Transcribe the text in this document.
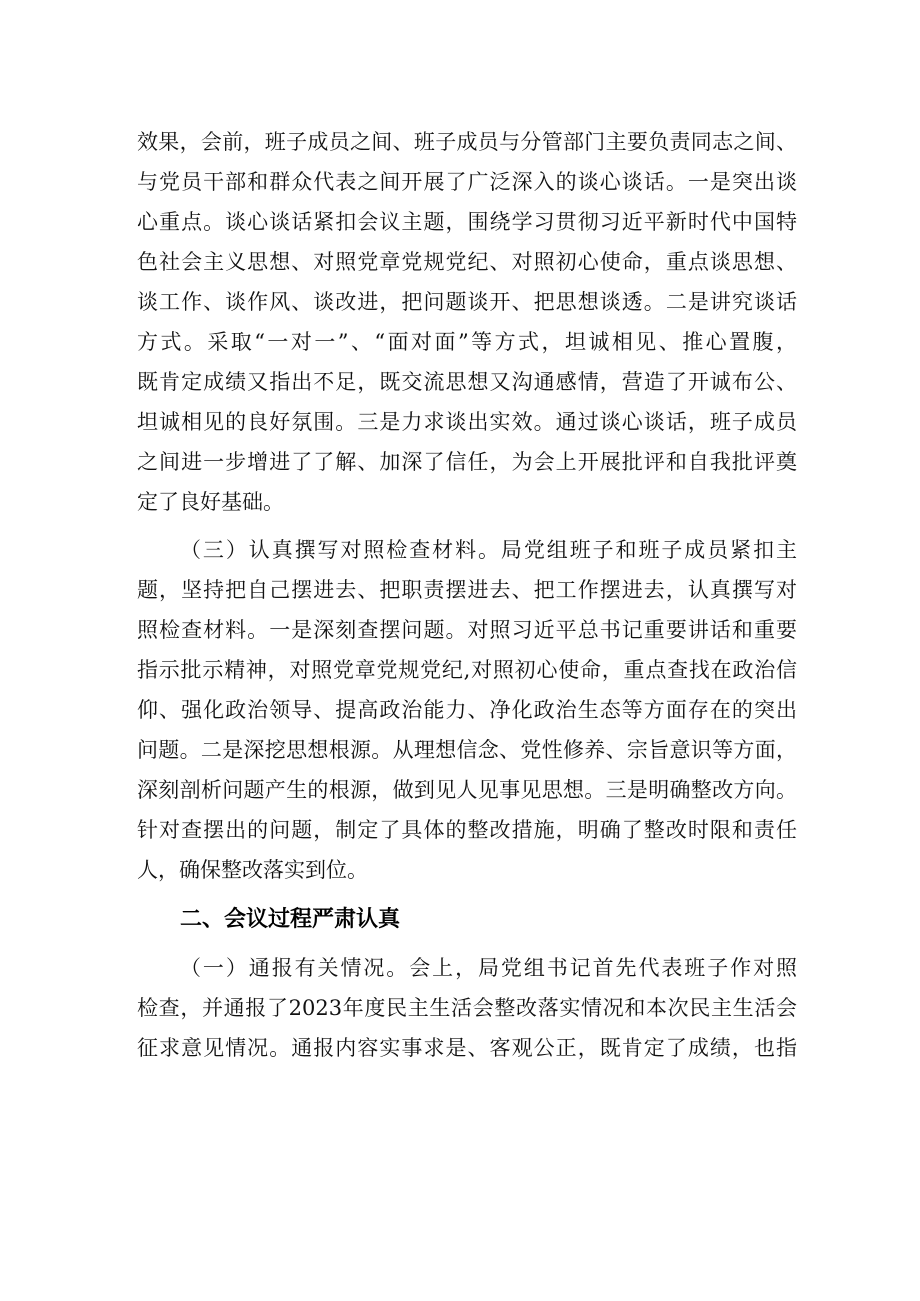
效果，会前，班子成员之间、班子成员与分管部门主要负责同志之间、
与党员干部和群众代表之间开展了广泛深入的谈心谈话。一是突出谈
心重点。谈心谈话紧扣会议主题，围绕学习贯彻习近平新时代中国特
色社会主义思想、对照党章党规党纪、对照初心使命，重点谈思想、
谈工作、谈作风、谈改进，把问题谈开、把思想谈透。二是讲究谈话
方式。采取“一对一”、“面对面”等方式，坦诚相见、推心置腹，
既肯定成绩又指出不足，既交流思想又沟通感情，营造了开诚布公、
坦诚相见的良好氛围。三是力求谈出实效。通过谈心谈话，班子成员
之间进一步增进了了解、加深了信任，为会上开展批评和自我批评奠
定了良好基础。
（三）认真撰写对照检查材料。局党组班子和班子成员紧扣主
题，坚持把自己摆进去、把职责摆进去、把工作摆进去，认真撰写对
照检查材料。一是深刻查摆问题。对照习近平总书记重要讲话和重要
指示批示精神，对照党章党规党纪,对照初心使命，重点查找在政治信
仰、强化政治领导、提高政治能力、净化政治生态等方面存在的突出
问题。二是深挖思想根源。从理想信念、党性修养、宗旨意识等方面，
深刻剖析问题产生的根源，做到见人见事见思想。三是明确整改方向。
针对查摆出的问题，制定了具体的整改措施，明确了整改时限和责任
人，确保整改落实到位。
二、会议过程严肃认真
（一）通报有关情况。会上，局党组书记首先代表班子作对照
检查，并通报了2023年度民主生活会整改落实情况和本次民主生活会
征求意见情况。通报内容实事求是、客观公正，既肯定了成绩，也指
